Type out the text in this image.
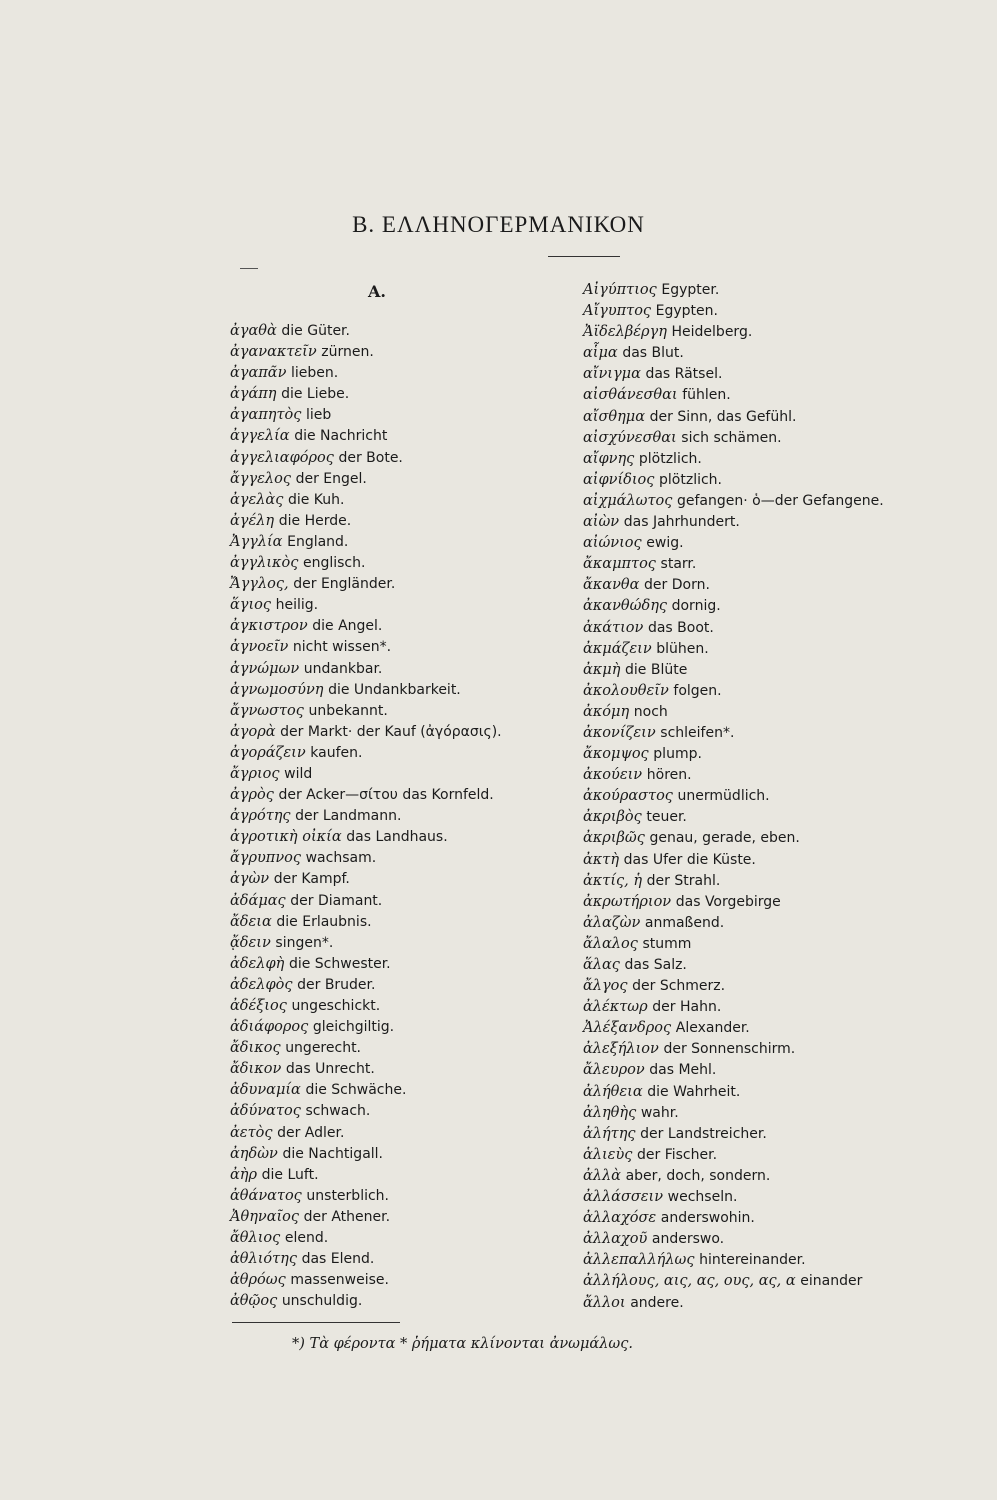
Β. ΕΛΛΗΝΟΓΕΡΜΑΝΙΚΟΝ
A.
ἀγαθὰ die Güter.
ἀγανακτεῖν zürnen.
ἀγαπᾶν lieben.
ἀγάπη die Liebe.
ἀγαπητὸς lieb
ἀγγελία die Nachricht
ἀγγελιαφόρος der Bote.
ἄγγελος der Engel.
ἀγελὰς die Kuh.
ἀγέλη die Herde.
Ἀγγλία England.
ἀγγλικὸς englisch.
Ἄγγλος, der Engländer.
ἅγιος heilig.
ἀγκιστρον die Angel.
ἀγνοεῖν nicht wissen*.
ἀγνώμων undankbar.
ἀγνωμοσύνη die Undankbarkeit.
ἄγνωστος unbekannt.
ἀγορὰ der Markt· der Kauf (ἀγόρασις).
ἀγοράζειν kaufen.
ἄγριος wild
ἀγρὸς der Acker—σίτου das Kornfeld.
ἀγρότης der Landmann.
ἀγροτικὴ οἰκία das Landhaus.
ἄγρυπνος wachsam.
ἀγὼν der Kampf.
ἀδάμας der Diamant.
ἄδεια die Erlaubnis.
ᾄδειν singen*.
ἀδελφὴ die Schwester.
ἀδελφὸς der Bruder.
ἀδέξιος ungeschickt.
ἀδιάφορος gleichgiltig.
ἄδικος ungerecht.
ἄδικον das Unrecht.
ἀδυναμία die Schwäche.
ἀδύνατος schwach.
ἀετὸς der Adler.
ἀηδὼν die Nachtigall.
ἀὴρ die Luft.
ἀθάνατος unsterblich.
Ἀθηναῖος der Athener.
ἄθλιος elend.
ἀθλιότης das Elend.
ἀθρόως massenweise.
ἀθῷος unschuldig.
Αἰγύπτιος Egypter.
Αἴγυπτος Egypten.
Ἀϊδελβέργη Heidelberg.
αἷμα das Blut.
αἴνιγμα das Rätsel.
αἰσθάνεσθαι fühlen.
αἴσθημα der Sinn, das Gefühl.
αἰσχύνεσθαι sich schämen.
αἴφνης plötzlich.
αἰφνίδιος plötzlich.
αἰχμάλωτος gefangen· ὁ—der Gefangene.
αἰὼν das Jahrhundert.
αἰώνιος ewig.
ἄκαμπτος starr.
ἄκανθα der Dorn.
ἀκανθώδης dornig.
ἀκάτιον das Boot.
ἀκμάζειν blühen.
ἀκμὴ die Blüte
ἀκολουθεῖν folgen.
ἀκόμη noch
ἀκονίζειν schleifen*.
ἄκομψος plump.
ἀκούειν hören.
ἀκούραστος unermüdlich.
ἀκριβὸς teuer.
ἀκριβῶς genau, gerade, eben.
ἀκτὴ das Ufer die Küste.
ἀκτίς, ἡ der Strahl.
ἀκρωτήριον das Vorgebirge
ἀλαζὼν anmaßend.
ἄλαλος stumm
ἅλας das Salz.
ἄλγος der Schmerz.
ἀλέκτωρ der Hahn.
Ἀλέξανδρος Alexander.
ἀλεξήλιον der Sonnenschirm.
ἄλευρον das Mehl.
ἀλήθεια die Wahrheit.
ἀληθὴς wahr.
ἀλήτης der Landstreicher.
ἁλιεὺς der Fischer.
ἀλλὰ aber, doch, sondern.
ἀλλάσσειν wechseln.
ἀλλαχόσε anderswohin.
ἀλλαχοῦ anderswo.
ἀλλεπαλλήλως hintereinander.
ἀλλήλους, αις, ας, ους, ας, α einander
ἄλλοι andere.
*) Τὰ φέροντα * ῥήματα κλίνονται ἀνωμάλως.
